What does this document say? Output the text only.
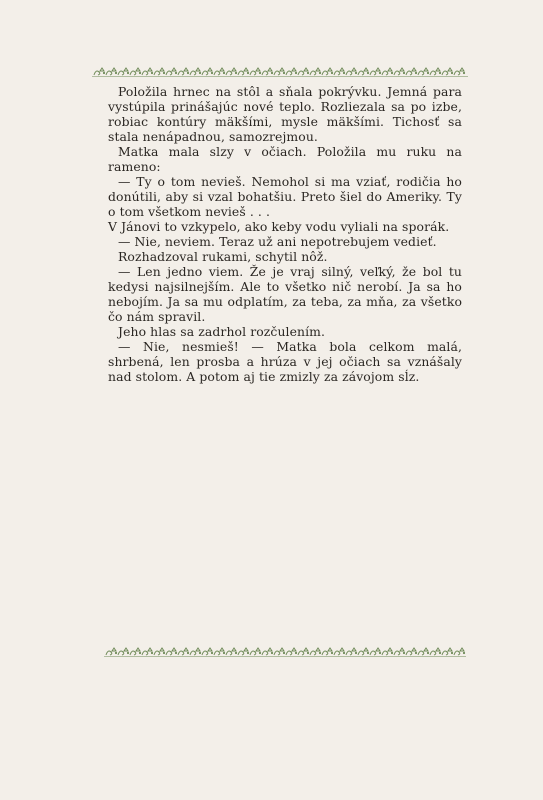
Položila hrnec na stôl a sňala pokrývku. Jemná para vystúpila prinášajúc nové teplo. Rozliezala sa po izbe, robiac kontúry mäkšími, mysle mäkšími. Tichosť sa stala nenápadnou, samozrejmou.

Matka mala slzy v očiach. Položila mu ruku na rameno:

— Ty o tom nevieš. Nemohol si ma vziať, rodičia ho donútili, aby si vzal bohatšiu. Preto šiel do Ameriky. Ty o tom všetkom nevieš . . .

V Jánovi to vzkypelo, ako keby vodu vyliali na sporák.

— Nie, neviem. Teraz už ani nepotrebujem vedieť.

Rozhadzoval rukami, schytil nôž.

— Len jedno viem. Že je vraj silný, veľký, že bol tu kedysi najsilnejším. Ale to všetko nič nerobí. Ja sa ho nebojím. Ja sa mu odplatím, za teba, za mňa, za všetko čo nám spravil.

Jeho hlas sa zadrhol rozčulením.

— Nie, nesmieš! — Matka bola celkom malá, shrbená, len prosba a hrúza v jej očiach sa vznášaly nad stolom. A potom aj tie zmizly za závojom sĺz.
